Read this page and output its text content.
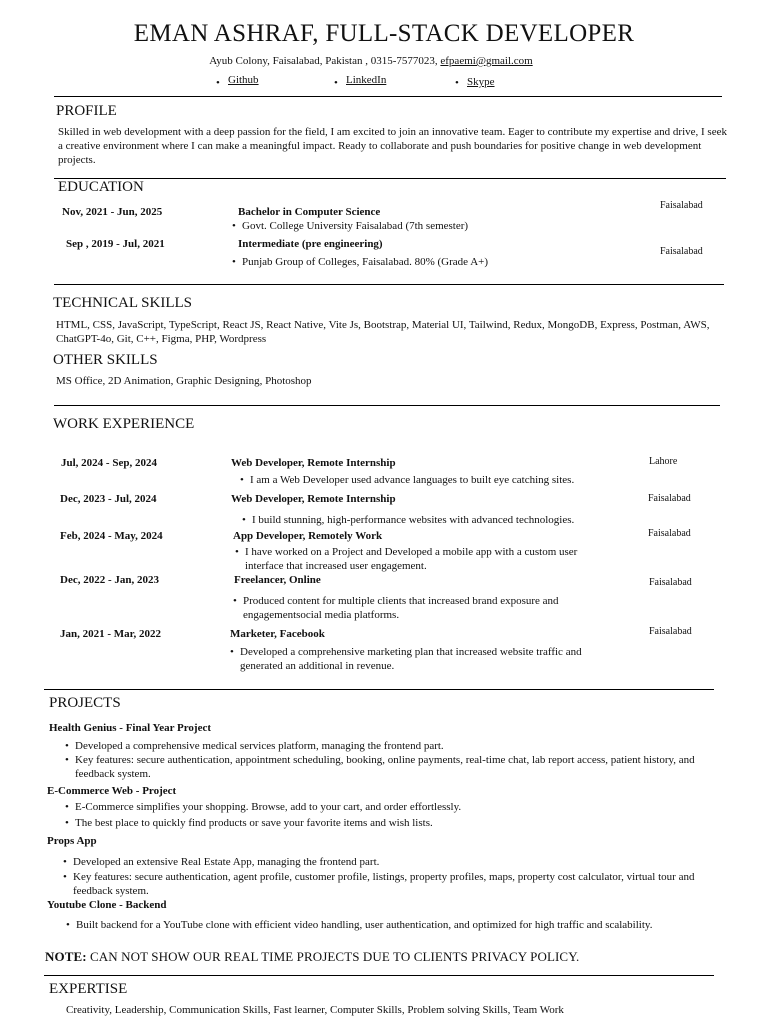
EMAN ASHRAF, FULL-STACK DEVELOPER
Ayub Colony, Faisalabad, Pakistan , 0315-7577023, efpaemi@gmail.com
• Github	• LinkedIn	• Skype
PROFILE
Skilled in web development with a deep passion for the field, I am excited to join an innovative team. Eager to contribute my expertise and drive, I seek a creative environment where I can make a meaningful impact. Ready to collaborate and push boundaries for positive change in web development projects.
EDUCATION
Nov, 2021 - Jun, 2025	Bachelor in Computer Science
• Govt. College University Faisalabad (7th semester)
Faisalabad
Sep , 2019 - Jul, 2021	Intermediate (pre engineering)
• Punjab Group of Colleges, Faisalabad. 80% (Grade A+)
Faisalabad
TECHNICAL SKILLS
HTML, CSS, JavaScript, TypeScript, React JS, React Native, Vite Js, Bootstrap, Material UI, Tailwind, Redux, MongoDB, Express, Postman, AWS, ChatGPT-4o, Git, C++, Figma, PHP, Wordpress
OTHER SKILLS
MS Office, 2D Animation, Graphic Designing, Photoshop
WORK EXPERIENCE
Jul, 2024 - Sep, 2024	Web Developer, Remote Internship
• I am a Web Developer used advance languages to built eye catching sites.
Lahore
Dec, 2023 - Jul, 2024	Web Developer, Remote Internship
• I build stunning, high-performance websites with advanced technologies.
Faisalabad
Feb, 2024 - May, 2024	App Developer, Remotely Work
• I have worked on a Project and Developed a mobile app with a custom user interface that increased user engagement.
Faisalabad
Dec, 2022 - Jan, 2023	Freelancer, Online
• Produced content for multiple clients that increased brand exposure and engagementsocial media platforms.
Faisalabad
Jan, 2021 - Mar, 2022	Marketer, Facebook
• Developed a comprehensive marketing plan that increased website traffic and generated an additional in revenue.
Faisalabad
PROJECTS
Health Genius - Final Year Project
• Developed a comprehensive medical services platform, managing the frontend part.
• Key features: secure authentication, appointment scheduling, booking, online payments, real-time chat, lab report access, patient history, and feedback system.
E-Commerce Web - Project
• E-Commerce simplifies your shopping. Browse, add to your cart, and order effortlessly.
• The best place to quickly find products or save your favorite items and wish lists.
Props App
• Developed an extensive Real Estate App, managing the frontend part.
• Key features: secure authentication, agent profile, customer profile, listings, property profiles, maps, property cost calculator, virtual tour and feedback system.
Youtube Clone - Backend
• Built backend for a YouTube clone with efficient video handling, user authentication, and optimized for high traffic and scalability.
NOTE: CAN NOT SHOW OUR REAL TIME PROJECTS DUE TO CLIENTS PRIVACY POLICY.
EXPERTISE
Creativity, Leadership, Communication Skills, Fast learner, Computer Skills, Problem solving Skills, Team Work
